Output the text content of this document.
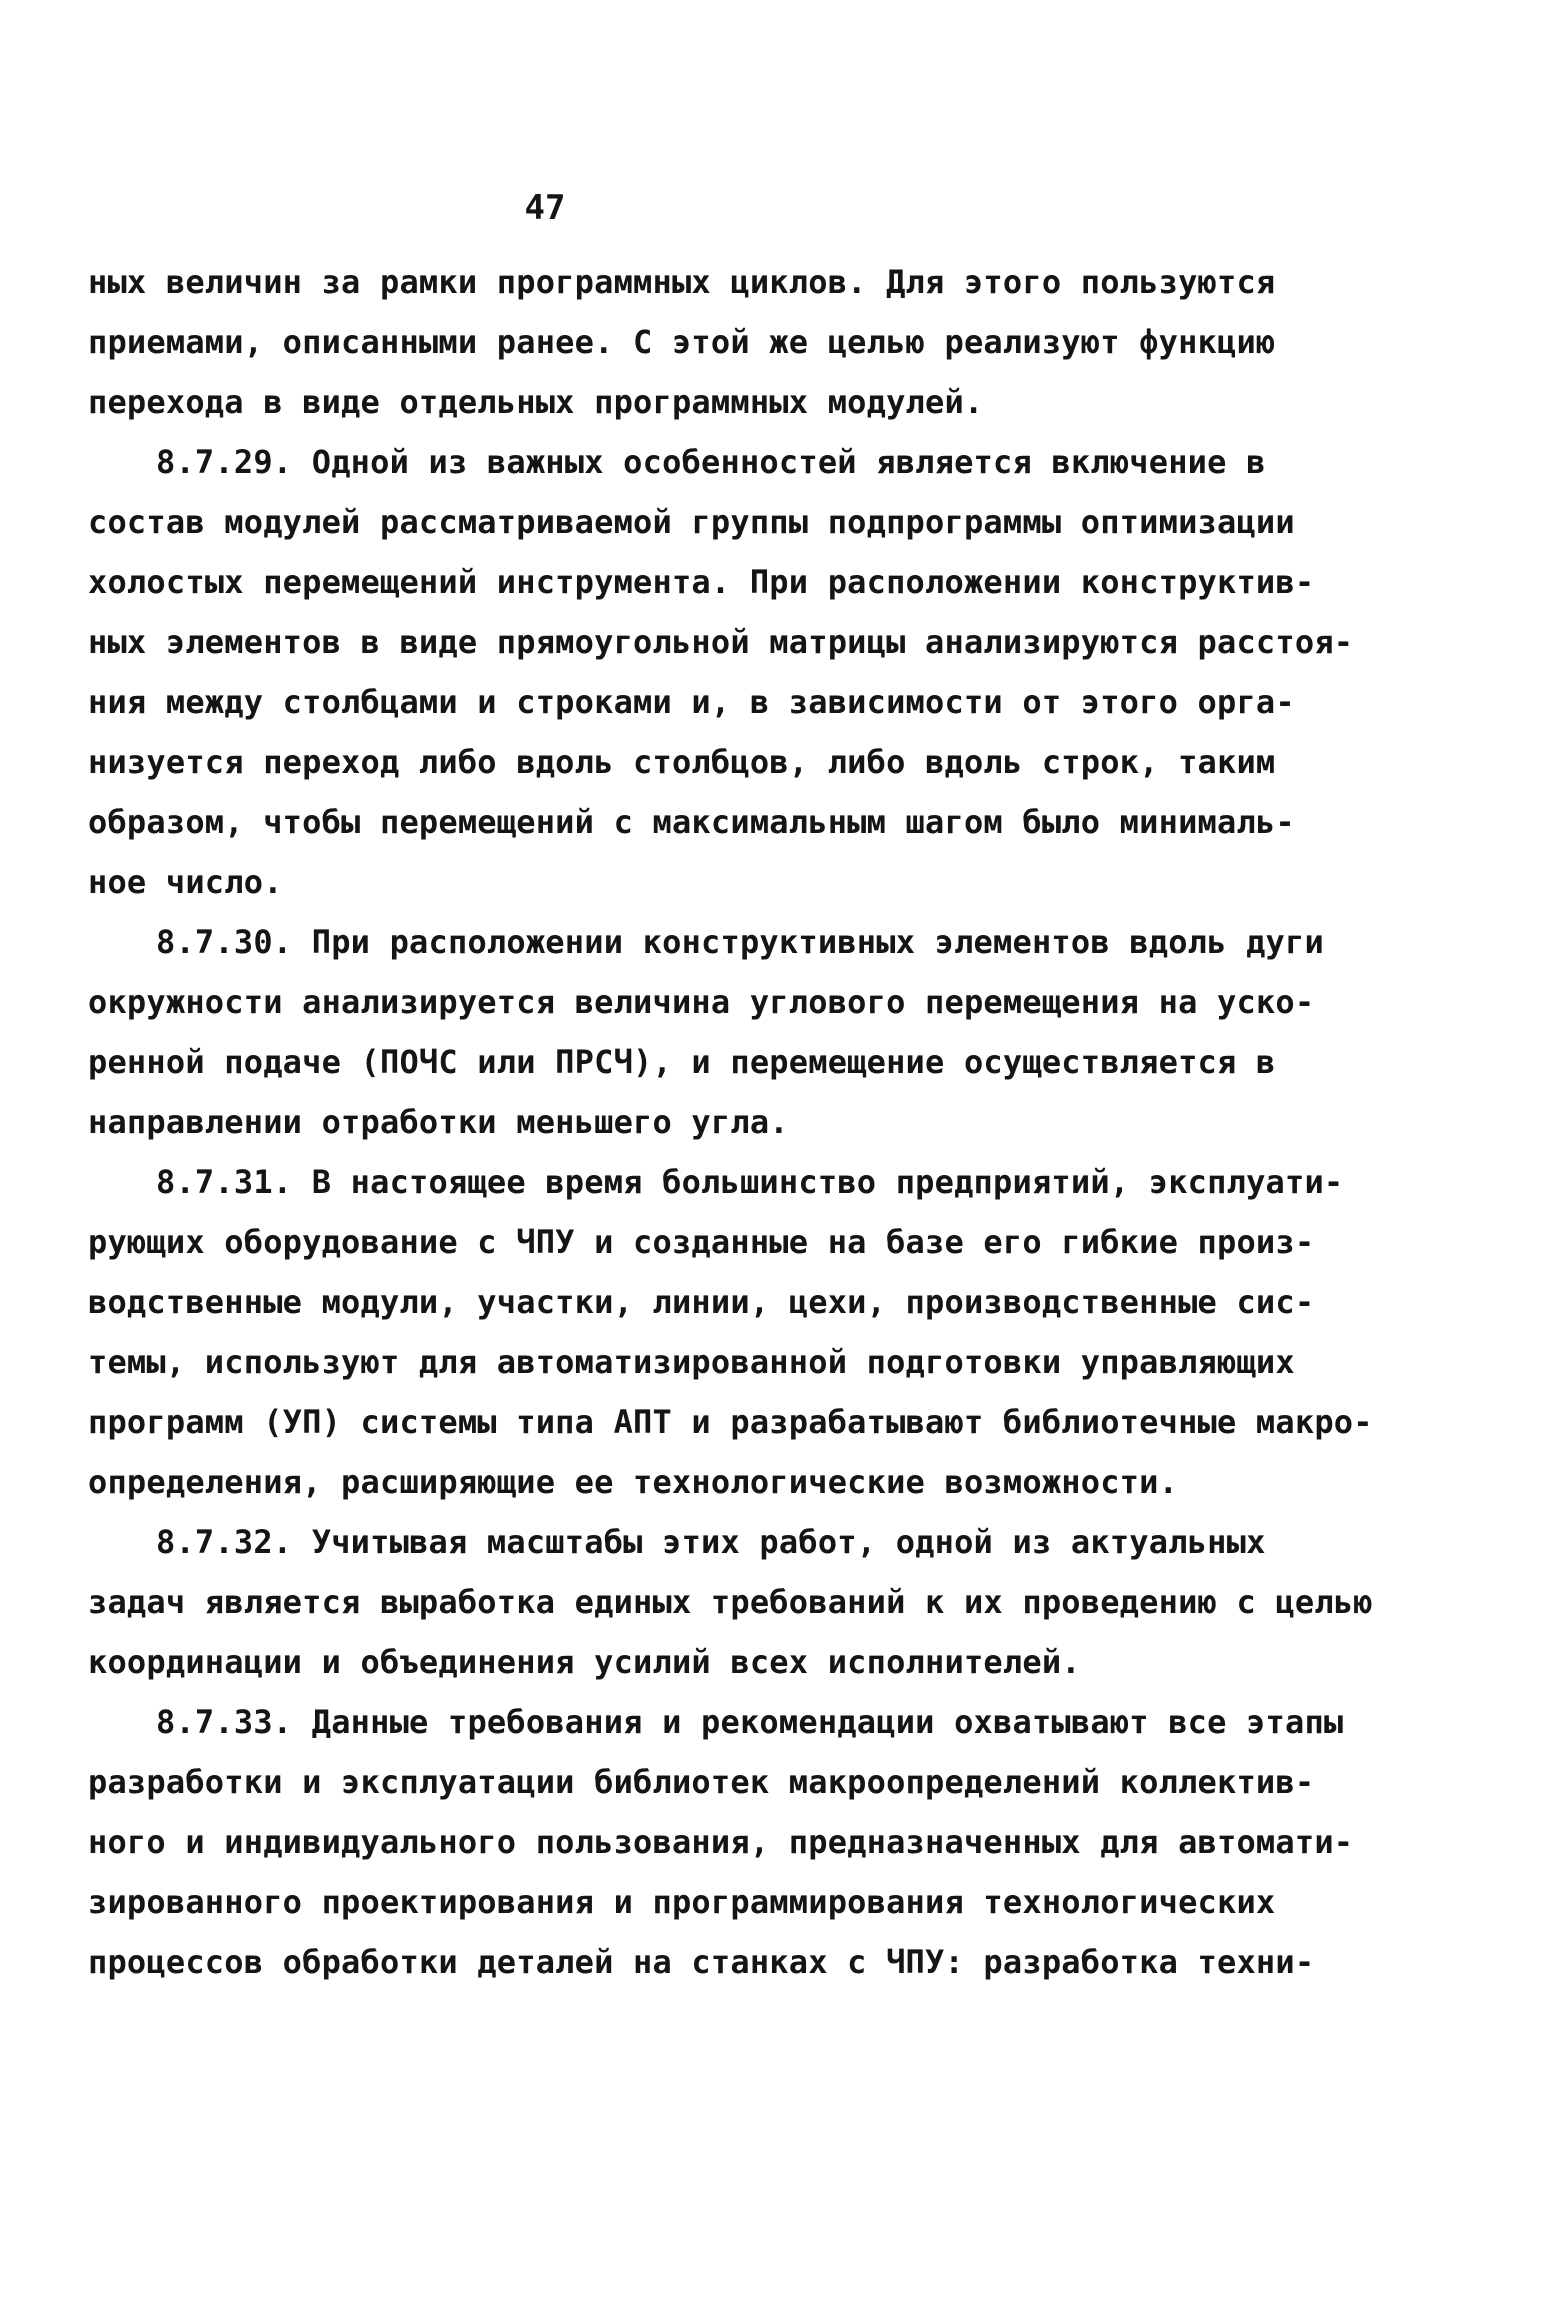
47
ных величин за рамки программных циклов. Для этого пользуются
приемами, описанными ранее. С этой же целью реализуют функцию
перехода в виде отдельных программных модулей.
8.7.29. Одной из важных особенностей является включение в
состав модулей рассматриваемой группы подпрограммы оптимизации
холостых перемещений инструмента. При расположении конструктив-
ных элементов в виде прямоугольной матрицы анализируются расстоя-
ния между столбцами и строками и, в зависимости от этого орга-
низуется переход либо вдоль столбцов, либо вдоль строк, таким
образом, чтобы перемещений с максимальным шагом было минималь-
ное число.
8.7.30. При расположении конструктивных элементов вдоль дуги
окружности анализируется величина углового перемещения на уско-
ренной подаче (ПОЧС или ПРСЧ), и перемещение осуществляется в
направлении отработки меньшего угла.
8.7.31. В настоящее время большинство предприятий, эксплуати-
рующих оборудование с ЧПУ и созданные на базе его гибкие произ-
водственные модули, участки, линии, цехи, производственные сис-
темы, используют для автоматизированной подготовки управляющих
программ (УП) системы типа АПТ и разрабатывают библиотечные макро-
определения, расширяющие ее технологические возможности.
8.7.32. Учитывая масштабы этих работ, одной из актуальных
задач является выработка единых требований к их проведению с целью
координации и объединения усилий всех исполнителей.
8.7.33. Данные требования и рекомендации охватывают все этапы
разработки и эксплуатации библиотек макроопределений коллектив-
ного и индивидуального пользования, предназначенных для автомати-
зированного проектирования и программирования технологических
процессов обработки деталей на станках с ЧПУ: разработка техни-
